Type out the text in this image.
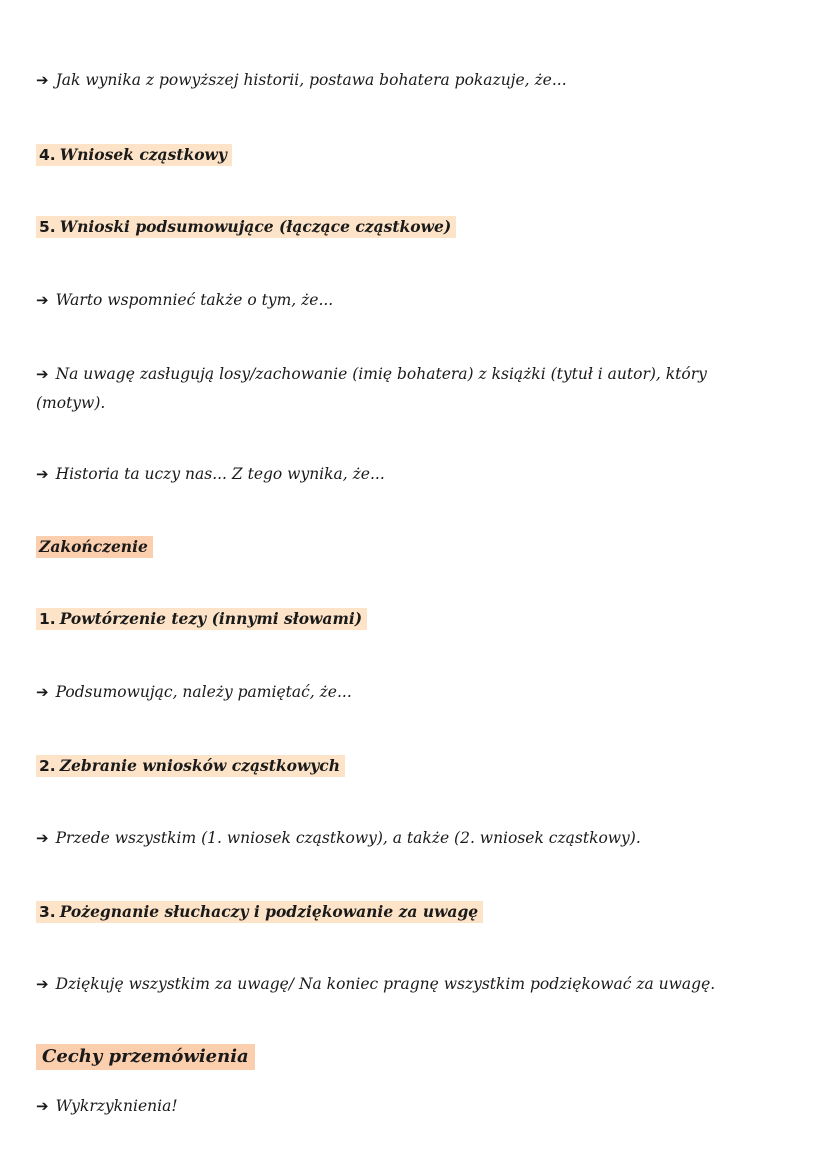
➔ Jak wynika z powyższej historii, postawa bohatera pokazuje, że...

4. Wniosek cząstkowy
5. Wnioski podsumowujące (łączące cząstkowe)

➔ Warto wspomnieć także o tym, że...

➔ Na uwagę zasługują losy/zachowanie (imię bohatera) z książki (tytuł i autor), który (motyw).

➔ Historia ta uczy nas... Z tego wynika, że...

Zakończenie
1. Powtórzenie tezy (innymi słowami)

➔ Podsumowując, należy pamiętać, że...

2. Zebranie wniosków cząstkowych

➔ Przede wszystkim (1. wniosek cząstkowy), a także (2. wniosek cząstkowy).

3. Pożegnanie słuchaczy i podziękowanie za uwagę

➔ Dziękuję wszystkim za uwagę/ Na koniec pragnę wszystkim podziękować za uwagę.

Cechy przemówienia

➔ Wykrzyknienia!
